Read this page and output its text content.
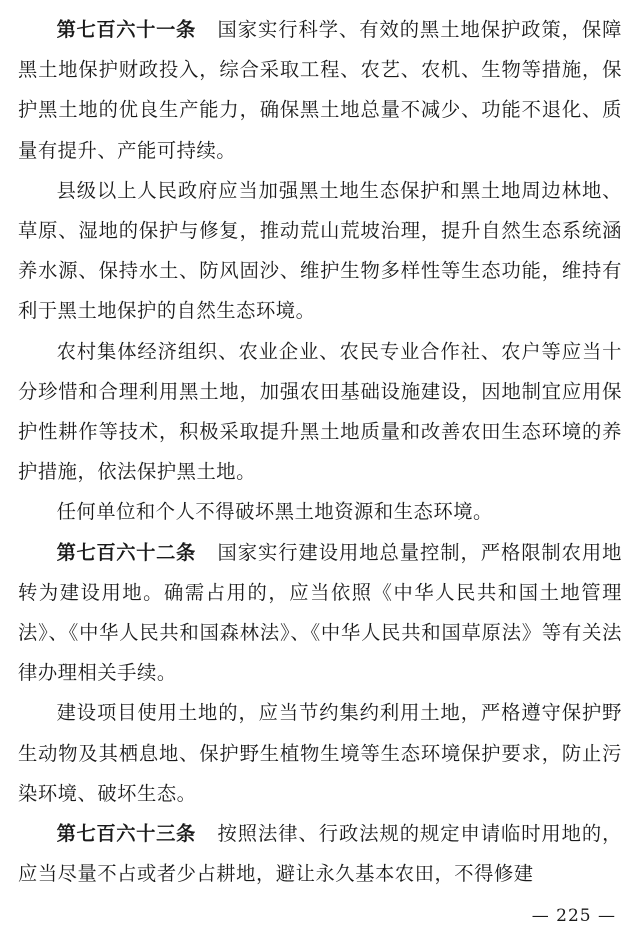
第七百六十一条 国家实行科学、有效的黑土地保护政策，保障黑土地保护财政投入，综合采取工程、农艺、农机、生物等措施，保护黑土地的优良生产能力，确保黑土地总量不减少、功能不退化、质量有提升、产能可持续。

县级以上人民政府应当加强黑土地生态保护和黑土地周边林地、草原、湿地的保护与修复，推动荒山荒坡治理，提升自然生态系统涵养水源、保持水土、防风固沙、维护生物多样性等生态功能，维持有利于黑土地保护的自然生态环境。

农村集体经济组织、农业企业、农民专业合作社、农户等应当十分珍惜和合理利用黑土地，加强农田基础设施建设，因地制宜应用保护性耕作等技术，积极采取提升黑土地质量和改善农田生态环境的养护措施，依法保护黑土地。

任何单位和个人不得破坏黑土地资源和生态环境。

第七百六十二条 国家实行建设用地总量控制，严格限制农用地转为建设用地。确需占用的，应当依照《中华人民共和国土地管理法》、《中华人民共和国森林法》、《中华人民共和国草原法》等有关法律办理相关手续。

建设项目使用土地的，应当节约集约利用土地，严格遵守保护野生动物及其栖息地、保护野生植物生境等生态环境保护要求，防止污染环境、破坏生态。

第七百六十三条 按照法律、行政法规的规定申请临时用地的，应当尽量不占或者少占耕地，避让永久基本农田，不得修建

— 225 —
